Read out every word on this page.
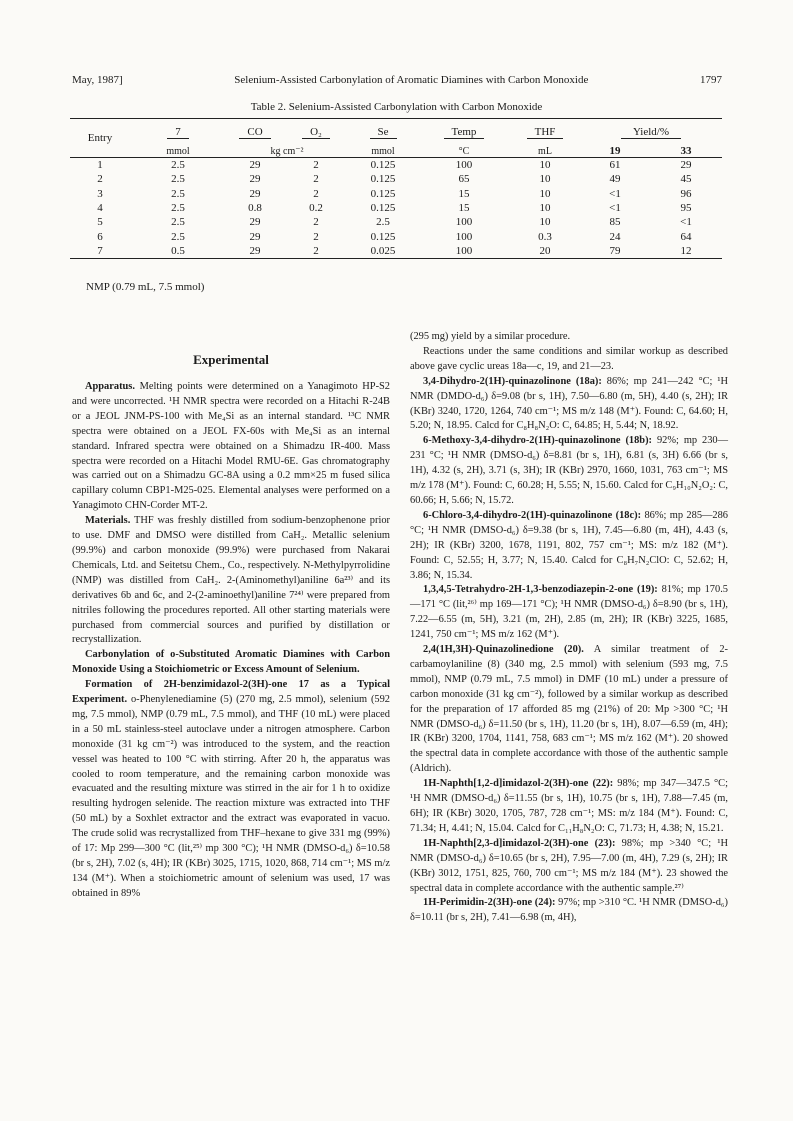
May, 1987]	Selenium-Assisted Carbonylation of Aromatic Diamines with Carbon Monoxide	1797
Table 2. Selenium-Assisted Carbonylation with Carbon Monoxide
Entry	7	CO	O₂	Se	Temp	THF	Yield/%	
	mmol	kg cm⁻²		mmol	°C	mL	19	33
1	2.5	29	2	0.125	100	10	61	29
2	2.5	29	2	0.125	65	10	49	45
3	2.5	29	2	0.125	15	10	<1	96
4	2.5	0.8	0.2	0.125	15	10	<1	95
5	2.5	29	2	2.5	100	10	85	<1
6	2.5	29	2	0.125	100	0.3	24	64
7	0.5	29	2	0.025	100	20	79	12
NMP (0.79 mL, 7.5 mmol)
Experimental

Apparatus. Melting points were determined on a Yanagimoto HP-S2 and were uncorrected. ¹H NMR spectra were recorded on a Hitachi R-24B or a JEOL JNM-PS-100 with Me₄Si as an internal standard. ¹³C NMR spectra were obtained on a JEOL FX-60s with Me₄Si as an internal standard. Infrared spectra were obtained on a Shimadzu IR-400. Mass spectra were recorded on a Hitachi Model RMU-6E. Gas chromatography was carried out on a Shimadzu GC-8A using a 0.2 mm×25 m fused silica capillary column CBP1-M25-025. Elemental analyses were performed on a Yanagimoto CHN-Corder MT-2.

Materials. THF was freshly distilled from sodium-benzophenone prior to use. DMF and DMSO were distilled from CaH₂. Metallic selenium (99.9%) and carbon monoxide (99.9%) were purchased from Nakarai Chemicals, Ltd. and Seitetsu Chem., Co., respectively. N-Methylpyrrolidine (NMP) was distilled from CaH₂. 2-(Aminomethyl)aniline 6a²³⁾ and its derivatives 6b and 6c, and 2-(2-aminoethyl)aniline 7²⁴⁾ were prepared from nitriles following the procedures reported. All other starting materials were purchased from commercial sources and purified by distillation or recrystallization.

Carbonylation of o-Substituted Aromatic Diamines with Carbon Monoxide Using a Stoichiometric or Excess Amount of Selenium.

Formation of 2H-benzimidazol-2(3H)-one 17 as a Typical Experiment. o-Phenylenediamine (5) (270 mg, 2.5 mmol), selenium (592 mg, 7.5 mmol), NMP (0.79 mL, 7.5 mmol), and THF (10 mL) were placed in a 50 mL stainless-steel autoclave under a nitrogen atmosphere. Carbon monoxide (31 kg cm⁻²) was introduced to the system, and the reaction vessel was heated to 100 °C with stirring. After 20 h, the apparatus was cooled to room temperature, and the remaining carbon monoxide was evacuated and the resulting mixture was stirred in the air for 1 h to oxidize resulting hydrogen selenide. The reaction mixture was extracted into THF (50 mL) by a Soxhlet extractor and the extract was evaporated in vacuo. The crude solid was recrystallized from THF–hexane to give 331 mg (99%) of 17: Mp 299—300 °C (lit,²⁵⁾ mp 300 °C); ¹H NMR (DMSO-d₆) δ=10.58 (br s, 2H), 7.02 (s, 4H); IR (KBr) 3025, 1715, 1020, 868, 714 cm⁻¹; MS m/z 134 (M⁺). When a stoichiometric amount of selenium was used, 17 was obtained in 89%

(295 mg) yield by a similar procedure.

Reactions under the same conditions and similar workup as described above gave cyclic ureas 18a—c, 19, and 21—23.

3,4-Dihydro-2(1H)-quinazolinone (18a): 86%; mp 241—242 °C; ¹H NMR (DMDO-d₆) δ=9.08 (br s, 1H), 7.50—6.80 (m, 5H), 4.40 (s, 2H); IR (KBr) 3240, 1720, 1264, 740 cm⁻¹; MS m/z 148 (M⁺). Found: C, 64.60; H, 5.20; N, 18.95. Calcd for C₈H₈N₂O: C, 64.85; H, 5.44; N, 18.92.

6-Methoxy-3,4-dihydro-2(1H)-quinazolinone (18b): 92%; mp 230—231 °C; ¹H NMR (DMSO-d₆) δ=8.81 (br s, 1H), 6.81 (s, 3H) 6.66 (br s, 1H), 4.32 (s, 2H), 3.71 (s, 3H); IR (KBr) 2970, 1660, 1031, 763 cm⁻¹; MS m/z 178 (M⁺). Found: C, 60.28; H, 5.55; N, 15.60. Calcd for C₉H₁₀N₂O₂: C, 60.66; H, 5.66; N, 15.72.

6-Chloro-3,4-dihydro-2(1H)-quinazolinone (18c): 86%; mp 285—286 °C; ¹H NMR (DMSO-d₆) δ=9.38 (br s, 1H), 7.45—6.80 (m, 4H), 4.43 (s, 2H); IR (KBr) 3200, 1678, 1191, 802, 757 cm⁻¹; MS: m/z 182 (M⁺). Found: C, 52.55; H, 3.77; N, 15.40. Calcd for C₈H₇N₂ClO: C, 52.62; H, 3.86; N, 15.34.

1,3,4,5-Tetrahydro-2H-1,3-benzodiazepin-2-one (19): 81%; mp 170.5—171 °C (lit,²⁶⁾ mp 169—171 °C); ¹H NMR (DMSO-d₆) δ=8.90 (br s, 1H), 7.22—6.55 (m, 5H), 3.21 (m, 2H), 2.85 (m, 2H); IR (KBr) 3225, 1685, 1241, 750 cm⁻¹; MS m/z 162 (M⁺).

2,4(1H,3H)-Quinazolinedione (20). A similar treatment of 2-carbamoylaniline (8) (340 mg, 2.5 mmol) with selenium (593 mg, 7.5 mmol), NMP (0.79 mL, 7.5 mmol) in DMF (10 mL) under a pressure of carbon monoxide (31 kg cm⁻²), followed by a similar workup as described for the preparation of 17 afforded 85 mg (21%) of 20: Mp >300 °C; ¹H NMR (DMSO-d₆) δ=11.50 (br s, 1H), 11.20 (br s, 1H), 8.07—6.59 (m, 4H); IR (KBr) 3200, 1704, 1141, 758, 683 cm⁻¹; MS m/z 162 (M⁺). 20 showed the spectral data in complete accordance with those of the authentic sample (Aldrich).

1H-Naphth[1,2-d]imidazol-2(3H)-one (22): 98%; mp 347—347.5 °C; ¹H NMR (DMSO-d₆) δ=11.55 (br s, 1H), 10.75 (br s, 1H), 7.88—7.45 (m, 6H); IR (KBr) 3020, 1705, 787, 728 cm⁻¹; MS: m/z 184 (M⁺). Found: C, 71.34; H, 4.41; N, 15.04. Calcd for C₁₁H₈N₂O: C, 71.73; H, 4.38; N, 15.21.

1H-Naphth[2,3-d]imidazol-2(3H)-one (23): 98%; mp >340 °C; ¹H NMR (DMSO-d₆) δ=10.65 (br s, 2H), 7.95—7.00 (m, 4H), 7.29 (s, 2H); IR (KBr) 3012, 1751, 825, 760, 700 cm⁻¹; MS m/z 184 (M⁺). 23 showed the spectral data in complete accordance with the authentic sample.²⁷⁾

1H-Perimidin-2(3H)-one (24): 97%; mp >310 °C. ¹H NMR (DMSO-d₆) δ=10.11 (br s, 2H), 7.41—6.98 (m, 4H),
